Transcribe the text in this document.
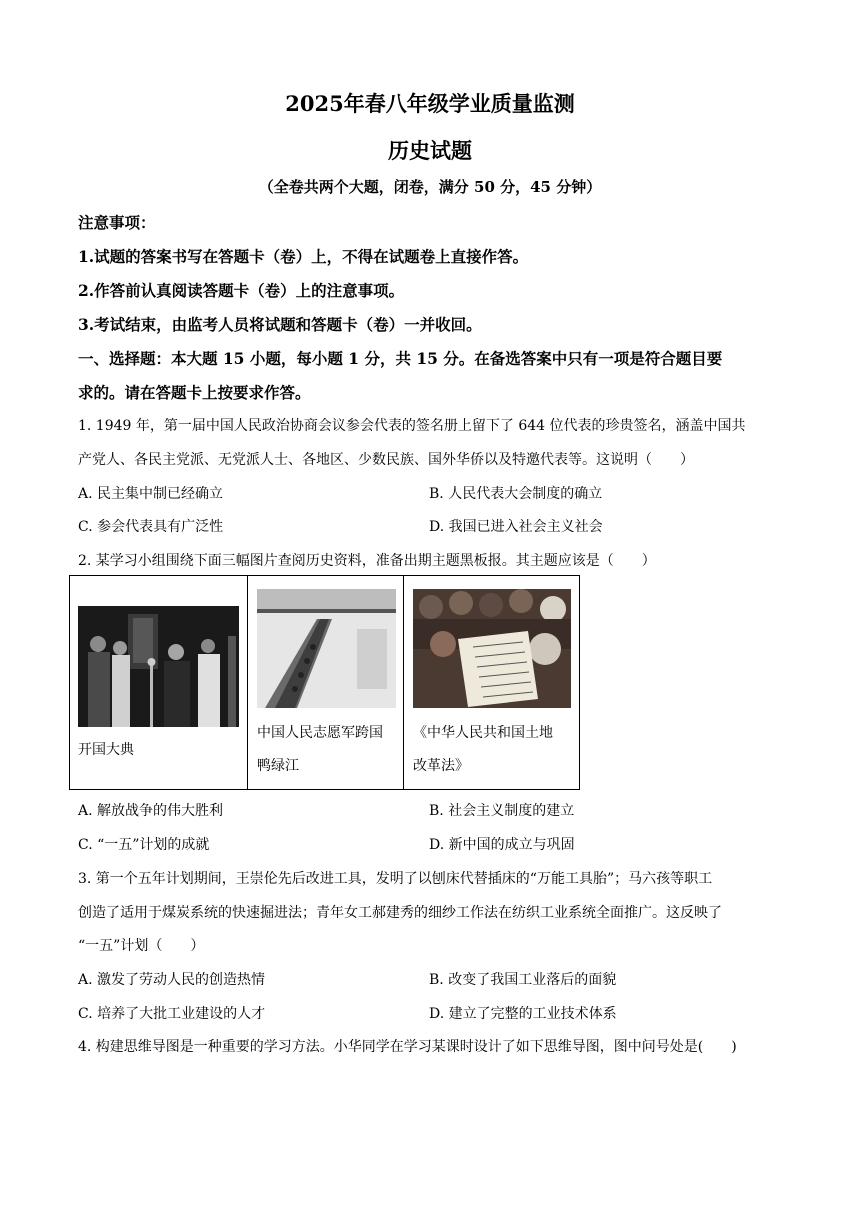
2025年春八年级学业质量监测
历史试题
（全卷共两个大题，闭卷，满分 50 分，45 分钟）
注意事项：
1.试题的答案书写在答题卡（卷）上，不得在试题卷上直接作答。
2.作答前认真阅读答题卡（卷）上的注意事项。
3.考试结束，由监考人员将试题和答题卡（卷）一并收回。
一、选择题：本大题 15 小题，每小题 1 分，共 15 分。在备选答案中只有一项是符合题目要
求的。请在答题卡上按要求作答。
1. 1949 年，第一届中国人民政治协商会议参会代表的签名册上留下了 644 位代表的珍贵签名，涵盖中国共
产党人、各民主党派、无党派人士、各地区、少数民族、国外华侨以及特邀代表等。这说明（　　）
A. 民主集中制已经确立	B. 人民代表大会制度的确立
C. 参会代表具有广泛性	D. 我国已进入社会主义社会
2. 某学习小组围绕下面三幅图片查阅历史资料，准备出期主题黑板报。其主题应该是（　　）
开国大典
中国人民志愿军跨国
鸭绿江
《中华人民共和国土地
改革法》
A. 解放战争的伟大胜利	B. 社会主义制度的建立
C. “一五”计划的成就	D. 新中国的成立与巩固
3. 第一个五年计划期间，王崇伦先后改进工具，发明了以刨床代替插床的“万能工具胎”；马六孩等职工
创造了适用于煤炭系统的快速掘进法；青年女工郝建秀的细纱工作法在纺织工业系统全面推广。这反映了
“一五”计划（　　）
A. 激发了劳动人民的创造热情	B. 改变了我国工业落后的面貌
C. 培养了大批工业建设的人才	D. 建立了完整的工业技术体系
4. 构建思维导图是一种重要的学习方法。小华同学在学习某课时设计了如下思维导图，图中问号处是(　　)
